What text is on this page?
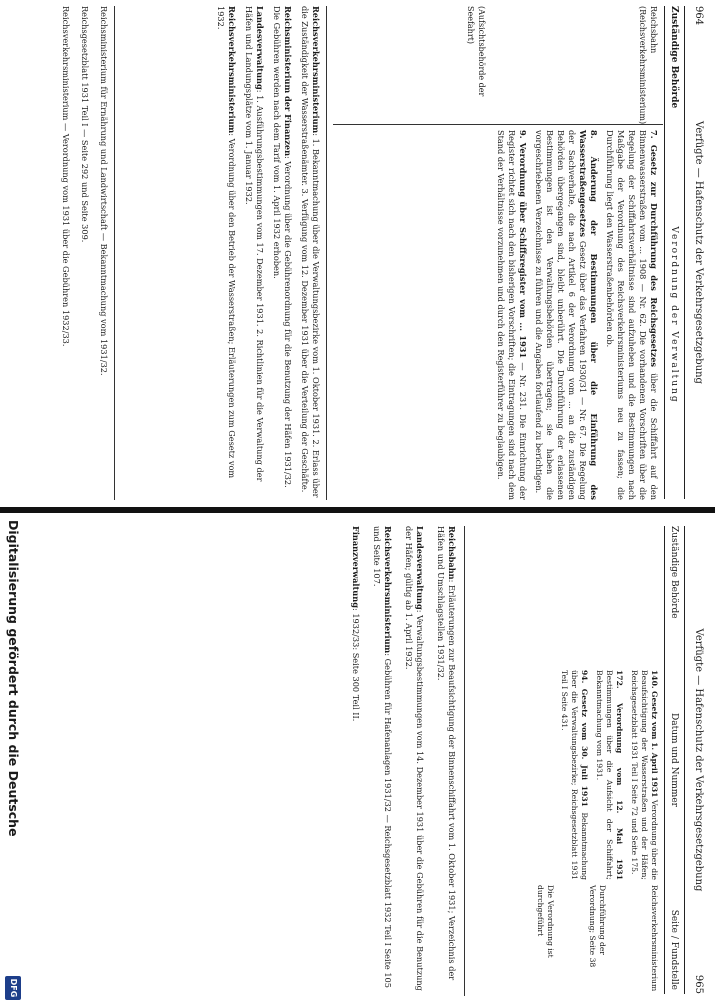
964
Verfügte — Hafenschutz der Verkehrsgesetzgebung
Zuständige Behörde
Verordnung der Verwaltung
Reichsbahn (Reichsverkehrsministerium)
(Aufsichtsbehörde der Seefahrt)
7. Gesetz zur Durchführung des Reichsgesetzes über die Schiffahrt auf den Binnenwasserstraßen vom ... 1908 — Nr. 62. Die vorhandenen Vorschriften über die Regelung der Schiffahrtsverhältnisse sind aufzuheben und die Bestimmungen nach Maßgabe der Verordnung des Reichsverkehrsministeriums neu zu fassen; die Durchführung liegt den Wasserstraßenbehörden ob.
8. Änderung der Bestimmungen über die Einführung des Wasserstraßengesetzes Gesetz über das Verfahren 1930/31 — Nr. 67. Die Regelung der Sachverhalte, die nach Artikel 6 der Verordnung vom ... an die zuständigen Behörden übergegangen sind, bleibt unberührt. Die Durchführung der erlassenen Bestimmungen ist den Verwaltungsbehörden übertragen; sie haben die vorgeschriebenen Verzeichnisse zu führen und die Angaben fortlaufend zu berichtigen.
9. Verordnung über Schiffsregister vom ... 1931 — Nr. 231. Die Einrichtung der Register richtet sich nach den bisherigen Vorschriften; die Eintragungen sind nach dem Stand der Verhältnisse vorzunehmen und durch den Registerführer zu beglaubigen.
Reichsverkehrsministerium: 1. Bekanntmachung über die Verwaltungsbezirke vom 1. Oktober 1931. 2. Erlass über die Zuständigkeit der Wasserstraßenämter. 3. Verfügung vom 12. Dezember 1931 über die Verteilung der Geschäfte.
Reichsministerium der Finanzen: Verordnung über die Gebührenordnung für die Benutzung der Häfen 1931/32. Die Gebühren werden nach dem Tarif vom 1. April 1932 erhoben.
Landesverwaltung: 1. Ausführungsbestimmungen vom 17. Dezember 1931. 2. Richtlinien für die Verwaltung der Häfen und Landungsplätze vom 1. Januar 1932.
Reichsverkehrsministerium: Verordnung über den Betrieb der Wasserstraßen; Erläuterungen zum Gesetz vom 1932.
Reichsministerium für Ernährung und Landwirtschaft — Bekanntmachung vom 1931/32.
Reichsgesetzblatt 1931 Teil I — Seite 292 und Seite 309.
Reichsverkehrsministerium — Verordnung vom 1931 über die Gebühren 1932/33.
Verfügte — Hafenschutz der Verkehrsgesetzgebung
965
Zuständige Behörde
Datum und Nummer
Seite / Fundstelle
140. Gesetz vom 1. April 1931 Verordnung über die Beaufsichtigung der Wasserstraßen und der Häfen; Reichsgesetzblatt 1931 Teil I Seite 72 und Seite 175.
172. Verordnung vom 12. Mai 1931 Bestimmungen über die Aufsicht der Schiffahrt; Bekanntmachung vom 1931.
94. Gesetz vom 30. Juli 1931 Bekanntmachung über die Verwaltungsbezirke; Reichsgesetzblatt 1931 Teil I Seite 431.
Reichsverkehrsministerium
Durchführung der Verordnung; Seite 38
Die Verordnung ist durchgeführt
Reichsbahn: Erläuterungen zur Beaufsichtigung der Binnenschiffahrt vom 1. Oktober 1931; Verzeichnis der Häfen und Umschlagstellen 1931/32.
Landesverwaltung: Verwaltungsbestimmungen vom 14. Dezember 1931 über die Gebühren für die Benutzung der Häfen; gültig ab 1. April 1932.
Reichsverkehrsministerium: Gebühren für Hafenanlagen 1931/32 — Reichsgesetzblatt 1932 Teil I Seite 105 und Seite 107.
Finanzverwaltung: 1932/33: Seite 300 Teil II.
Digitalisierung gefördert durch die Deutsche
DFG
